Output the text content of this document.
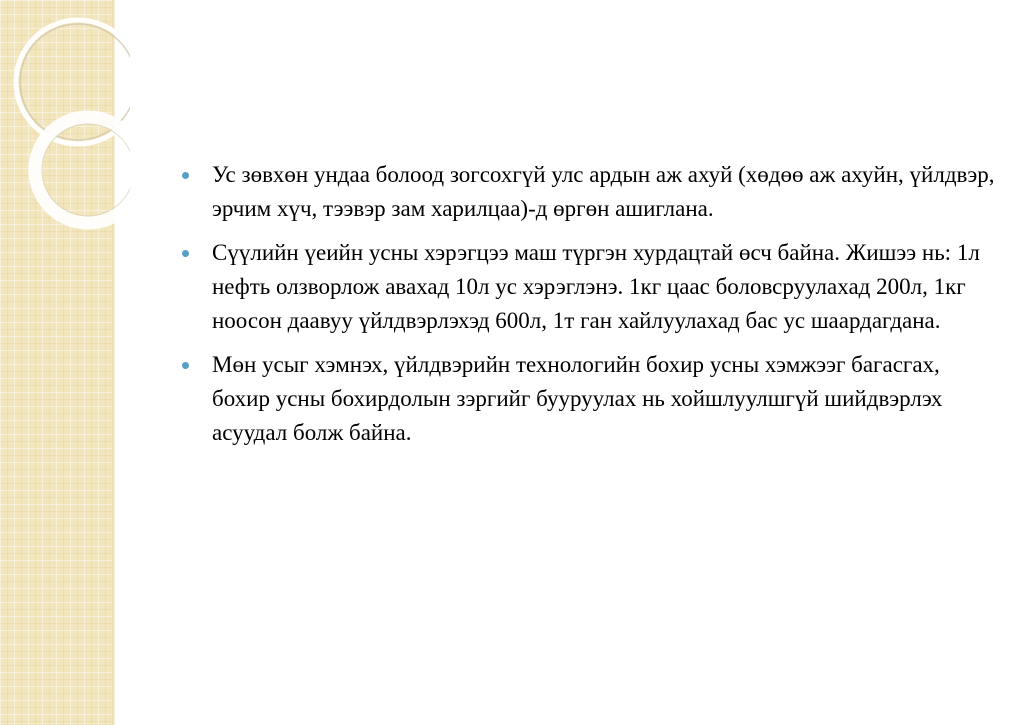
Ус зөвхөн ундаа болоод зогсохгүй улс ардын аж ахуй (хөдөө аж ахуйн, үйлдвэр, эрчим хүч, тээвэр зам харилцаа)-д өргөн ашиглана.
Сүүлийн үеийн усны хэрэгцээ маш түргэн хурдацтай өсч байна. Жишээ нь: 1л нефть олзворлож авахад 10л ус хэрэглэнэ. 1кг цаас боловсруулахад 200л, 1кг ноосон даавуу үйлдвэрлэхэд 600л, 1т ган хайлуулахад бас ус шаардагдана.
Мөн усыг хэмнэх, үйлдвэрийн технологийн бохир усны хэмжээг багасгах, бохир усны бохирдолын зэргийг бууруулах нь хойшлуулшгүй шийдвэрлэх асуудал болж байна.
